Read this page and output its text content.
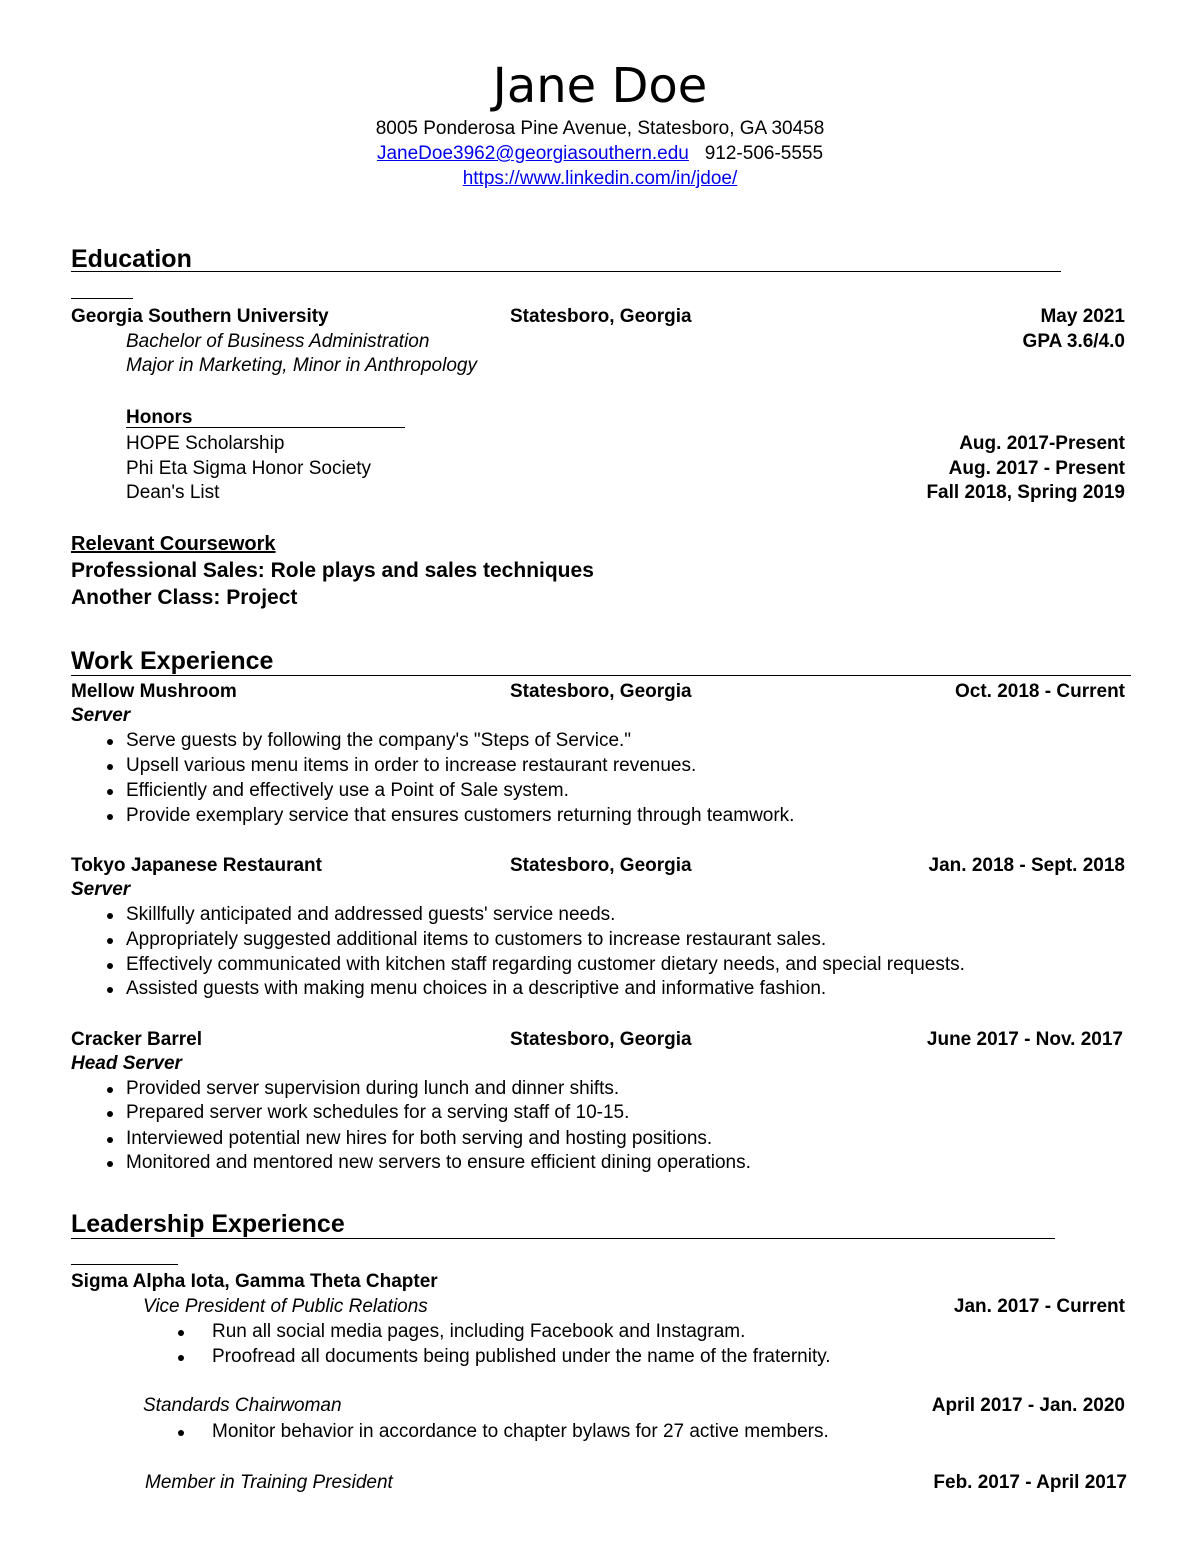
Jane Doe
8005 Ponderosa Pine Avenue, Statesboro, GA 30458
JaneDoe3962@georgiasouthern.edu 912-506-5555
https://www.linkedin.com/in/jdoe/
Education
Georgia Southern University	Statesboro, Georgia	May 2021
Bachelor of Business Administration	GPA 3.6/4.0
Major in Marketing, Minor in Anthropology
Honors
HOPE Scholarship	Aug. 2017-Present
Phi Eta Sigma Honor Society	Aug. 2017 - Present
Dean's List	Fall 2018, Spring 2019
Relevant Coursework
Professional Sales: Role plays and sales techniques
Another Class: Project
Work Experience
Mellow Mushroom	Statesboro, Georgia	Oct. 2018 - Current
Server
Serve guests by following the company's "Steps of Service."
Upsell various menu items in order to increase restaurant revenues.
Efficiently and effectively use a Point of Sale system.
Provide exemplary service that ensures customers returning through teamwork.
Tokyo Japanese Restaurant	Statesboro, Georgia	Jan. 2018 - Sept. 2018
Server
Skillfully anticipated and addressed guests' service needs.
Appropriately suggested additional items to customers to increase restaurant sales.
Effectively communicated with kitchen staff regarding customer dietary needs, and special requests.
Assisted guests with making menu choices in a descriptive and informative fashion.
Cracker Barrel	Statesboro, Georgia	June 2017 - Nov. 2017
Head Server
Provided server supervision during lunch and dinner shifts.
Prepared server work schedules for a serving staff of 10-15.
Interviewed potential new hires for both serving and hosting positions.
Monitored and mentored new servers to ensure efficient dining operations.
Leadership Experience
Sigma Alpha Iota, Gamma Theta Chapter
Vice President of Public Relations	Jan. 2017 - Current
Run all social media pages, including Facebook and Instagram.
Proofread all documents being published under the name of the fraternity.
Standards Chairwoman	April 2017 - Jan. 2020
Monitor behavior in accordance to chapter bylaws for 27 active members.
Member in Training President	Feb. 2017 - April 2017
